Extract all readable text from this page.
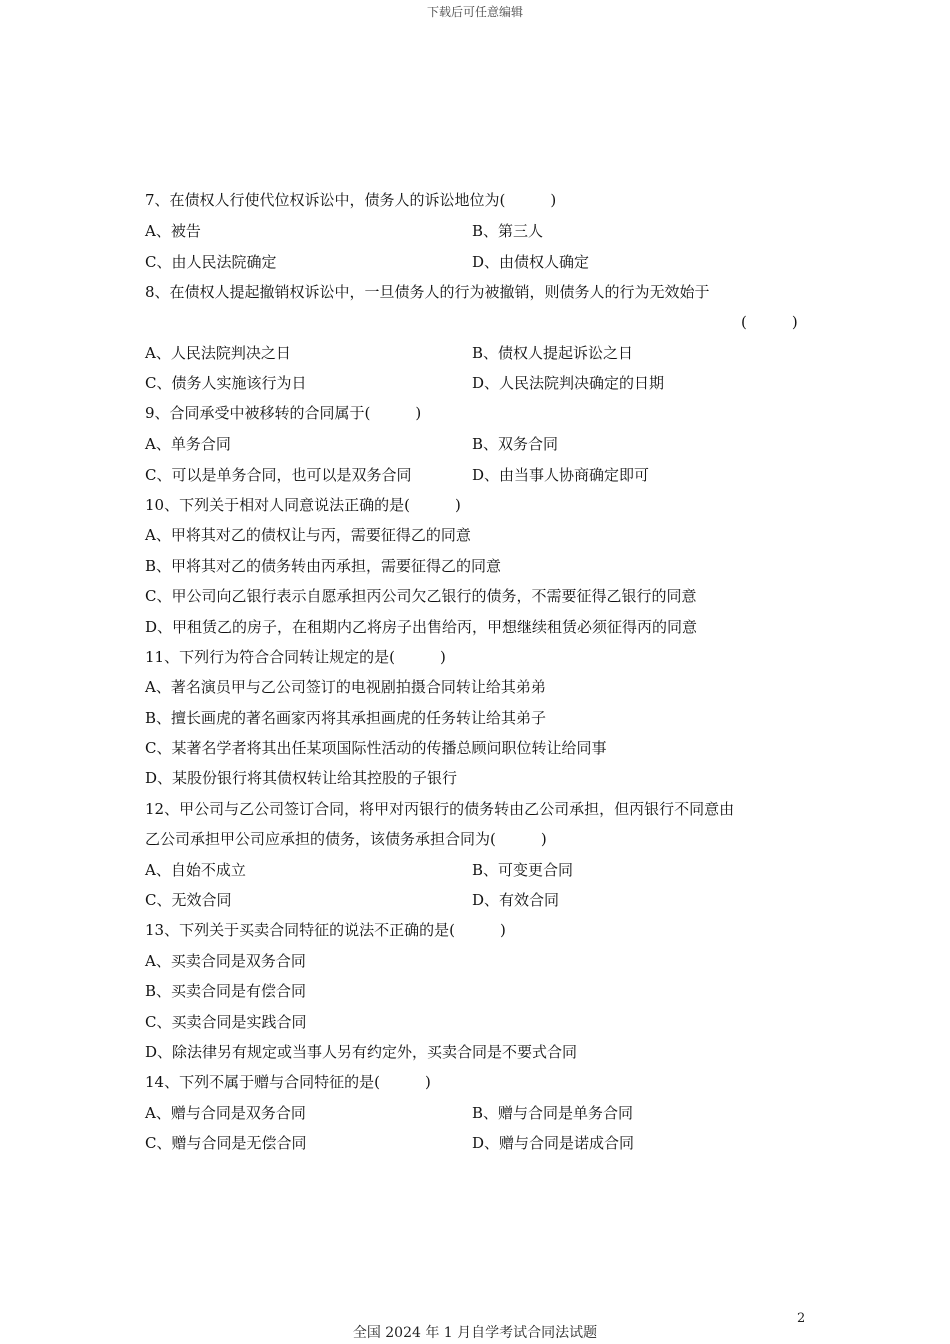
下载后可任意编辑
7、在债权人行使代位权诉讼中，债务人的诉讼地位为(　　　)
A、被告	B、第三人
C、由人民法院确定	D、由债权人确定
8、在债权人提起撤销权诉讼中，一旦债务人的行为被撤销，则债务人的行为无效始于
(　　　)
A、人民法院判决之日	B、债权人提起诉讼之日
C、债务人实施该行为日	D、人民法院判决确定的日期
9、合同承受中被移转的合同属于(　　　)
A、单务合同	B、双务合同
C、可以是单务合同，也可以是双务合同	D、由当事人协商确定即可
10、下列关于相对人同意说法正确的是(　　　)
A、甲将其对乙的债权让与丙，需要征得乙的同意
B、甲将其对乙的债务转由丙承担，需要征得乙的同意
C、甲公司向乙银行表示自愿承担丙公司欠乙银行的债务，不需要征得乙银行的同意
D、甲租赁乙的房子，在租期内乙将房子出售给丙，甲想继续租赁必须征得丙的同意
11、下列行为符合合同转让规定的是(　　　)
A、著名演员甲与乙公司签订的电视剧拍摄合同转让给其弟弟
B、擅长画虎的著名画家丙将其承担画虎的任务转让给其弟子
C、某著名学者将其出任某项国际性活动的传播总顾问职位转让给同事
D、某股份银行将其债权转让给其控股的子银行
12、甲公司与乙公司签订合同，将甲对丙银行的债务转由乙公司承担，但丙银行不同意由
乙公司承担甲公司应承担的债务，该债务承担合同为(　　　)
A、自始不成立	B、可变更合同
C、无效合同	D、有效合同
13、下列关于买卖合同特征的说法不正确的是(　　　)
A、买卖合同是双务合同
B、买卖合同是有偿合同
C、买卖合同是实践合同
D、除法律另有规定或当事人另有约定外，买卖合同是不要式合同
14、下列不属于赠与合同特征的是(　　　)
A、赠与合同是双务合同	B、赠与合同是单务合同
C、赠与合同是无偿合同	D、赠与合同是诺成合同
2
全国 2024 年 1 月自学考试合同法试题
